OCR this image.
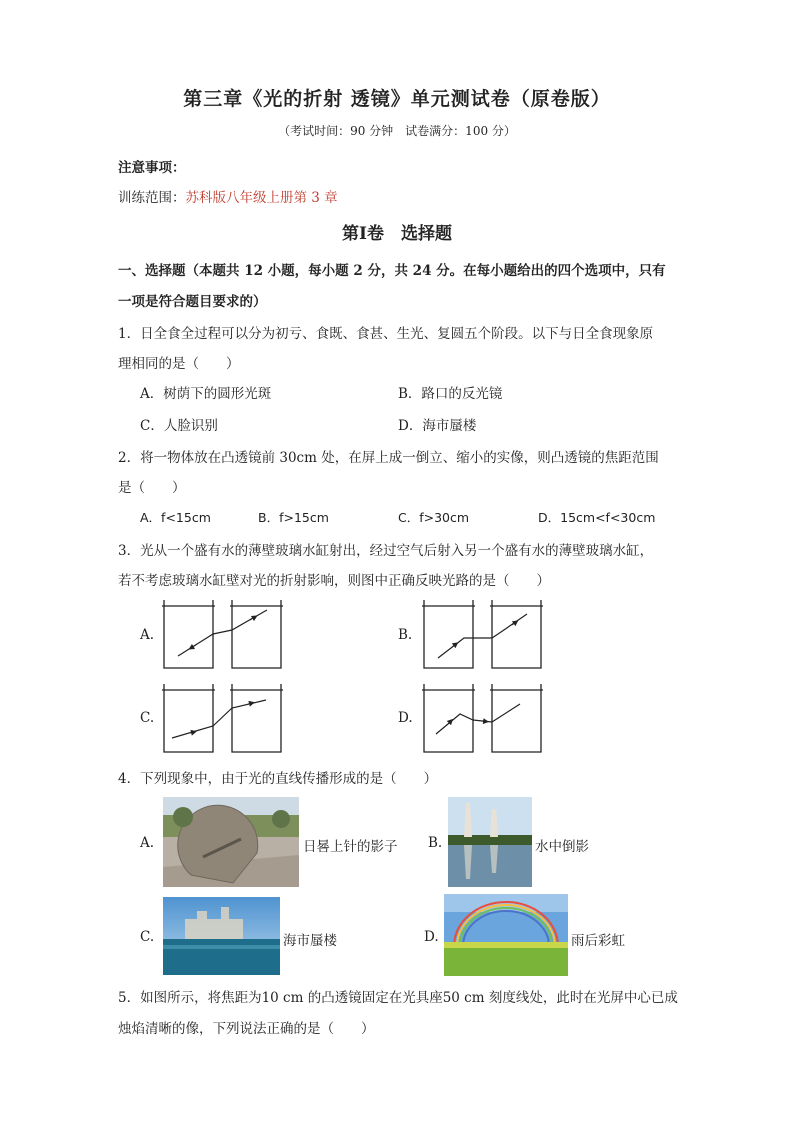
第三章《光的折射 透镜》单元测试卷（原卷版）
（考试时间：90 分钟　试卷满分：100 分）
注意事项：
训练范围：苏科版八年级上册第 3 章
第Ⅰ卷　选择题
一、选择题（本题共 12 小题，每小题 2 分，共 24 分。在每小题给出的四个选项中，只有
一项是符合题目要求的）
1．日全食全过程可以分为初亏、食既、食甚、生光、复圆五个阶段。以下与日全食现象原
理相同的是（　　）
A．树荫下的圆形光斑	B．路口的反光镜
C．人脸识别	D．海市蜃楼
2．将一物体放在凸透镜前 30cm 处，在屏上成一倒立、缩小的实像，则凸透镜的焦距范围
是（　　）
A．f<15cm	B．f>15cm	C．f>30cm	D．15cm<f<30cm
3．光从一个盛有水的薄壁玻璃水缸射出，经过空气后射入另一个盛有水的薄壁玻璃水缸，
若不考虑玻璃水缸壁对光的折射影响，则图中正确反映光路的是（　　）
A.	B.
C.	D.
4．下列现象中，由于光的直线传播形成的是（　　）
A.	日晷上针的影子 B.	水中倒影
C.	海市蜃楼	D.	雨后彩虹
5．如图所示，将焦距为10 cm 的凸透镜固定在光具座50 cm 刻度线处，此时在光屏中心已成
烛焰清晰的像，下列说法正确的是（　　）
